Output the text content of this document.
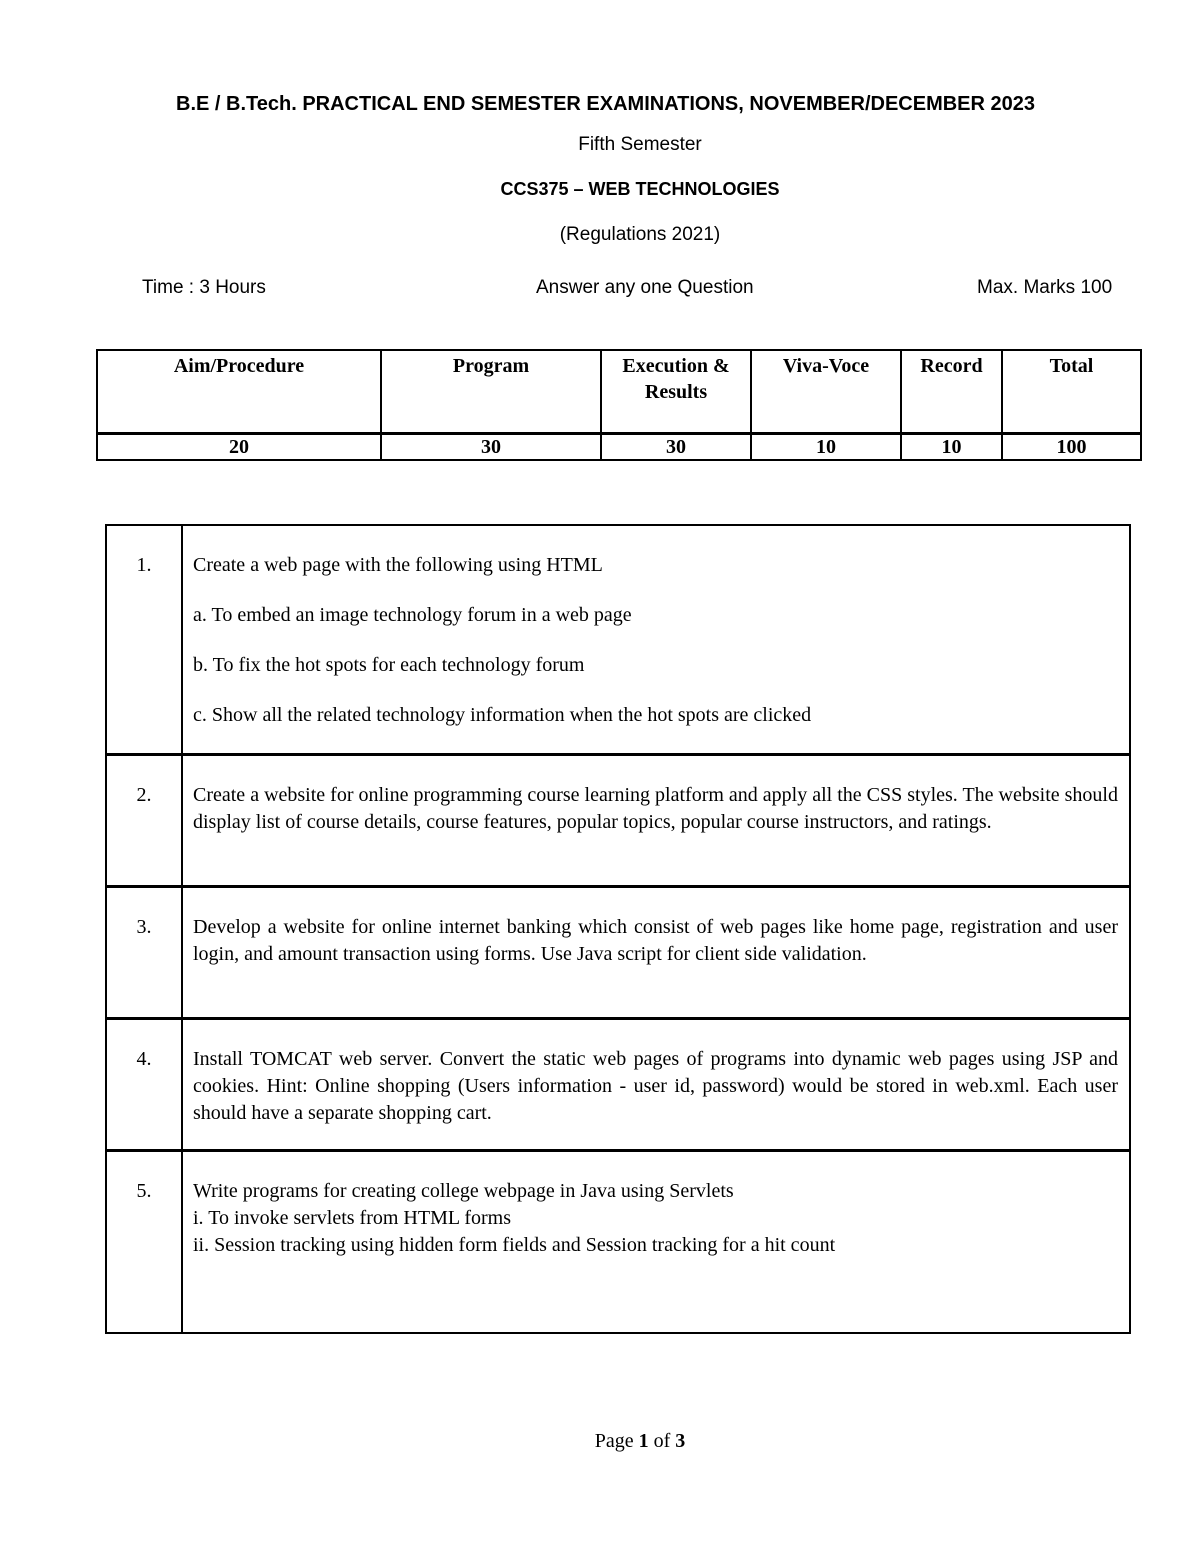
B.E / B.Tech. PRACTICAL END SEMESTER EXAMINATIONS, NOVEMBER/DECEMBER 2023
Fifth Semester
CCS375 – WEB TECHNOLOGIES
(Regulations 2021)
Time : 3 Hours	Answer any one Question	Max. Marks 100
Aim/Procedure	Program	Execution & Results	Viva-Voce	Record	Total
20	30	30	10	10	100
1.	Create a web page with the following using HTML
a. To embed an image technology forum in a web page
b. To fix the hot spots for each technology forum
c. Show all the related technology information when the hot spots are clicked

2.	Create a website for online programming course learning platform and apply all the CSS styles. The website should display list of course details, course features, popular topics, popular course instructors, and ratings.

3.	Develop a website for online internet banking which consist of web pages like home page, registration and user login, and amount transaction using forms. Use Java script for client side validation.

4.	Install TOMCAT web server. Convert the static web pages of programs into dynamic web pages using JSP and cookies. Hint: Online shopping (Users information - user id, password) would be stored in web.xml. Each user should have a separate shopping cart.

5.	Write programs for creating college webpage in Java using Servlets
i. To invoke servlets from HTML forms
ii. Session tracking using hidden form fields and Session tracking for a hit count
Page 1 of 3
